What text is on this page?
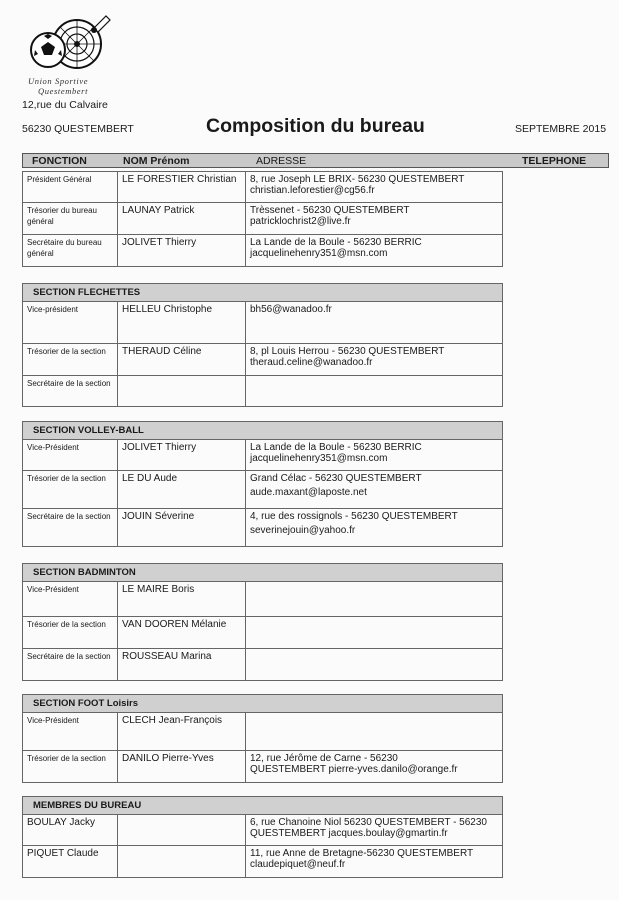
Union Sportive
Questembert
12,rue du Calvaire
56230 QUESTEMBERT	Composition du bureau	SEPTEMBRE 2015
FONCTION	NOM Prénom	ADRESSE	TELEPHONE
Président Général	LE FORESTIER Christian	8, rue Joseph LE BRIX- 56230 QUESTEMBERT
christian.leforestier@cg56.fr

Trésorier du bureau général	LAUNAY Patrick	Trèssenet - 56230 QUESTEMBERT
patricklochrist2@live.fr

Secrétaire du bureau général	JOLIVET Thierry	La Lande de la Boule - 56230 BERRIC
jacquelinehenry351@msn.com
SECTION FLECHETTES		
Vice-président	HELLEU Christophe	bh56@wanadoo.fr

Trésorier de la section	THERAUD Céline	8, pl Louis Herrou - 56230 QUESTEMBERT
theraud.celine@wanadoo.fr

Secrétaire de la section		
SECTION VOLLEY-BALL		
Vice-Président	JOLIVET Thierry	La Lande de la Boule - 56230 BERRIC
jacquelinehenry351@msn.com

Trésorier de la section	LE DU Aude	Grand Célac - 56230 QUESTEMBERT
aude.maxant@laposte.net

Secrétaire de la section	JOUIN Séverine	4, rue des rossignols - 56230 QUESTEMBERT
severinejouin@yahoo.fr
SECTION BADMINTON		
Vice-Président	LE MAIRE Boris	
Trésorier de la section	VAN DOOREN Mélanie	
Secrétaire de la section	ROUSSEAU Marina	
SECTION FOOT Loisirs		
Vice-Président	CLECH Jean-François	
Trésorier de la section	DANILO Pierre-Yves	12, rue Jérôme de Carne - 56230
QUESTEMBERT pierre-yves.danilo@orange.fr
MEMBRES DU BUREAU		
BOULAY Jacky		6, rue Chanoine Niol 56230 QUESTEMBERT - 56230
QUESTEMBERT jacques.boulay@gmartin.fr

PIQUET Claude		11, rue Anne de Bretagne-56230 QUESTEMBERT
claudepiquet@neuf.fr
